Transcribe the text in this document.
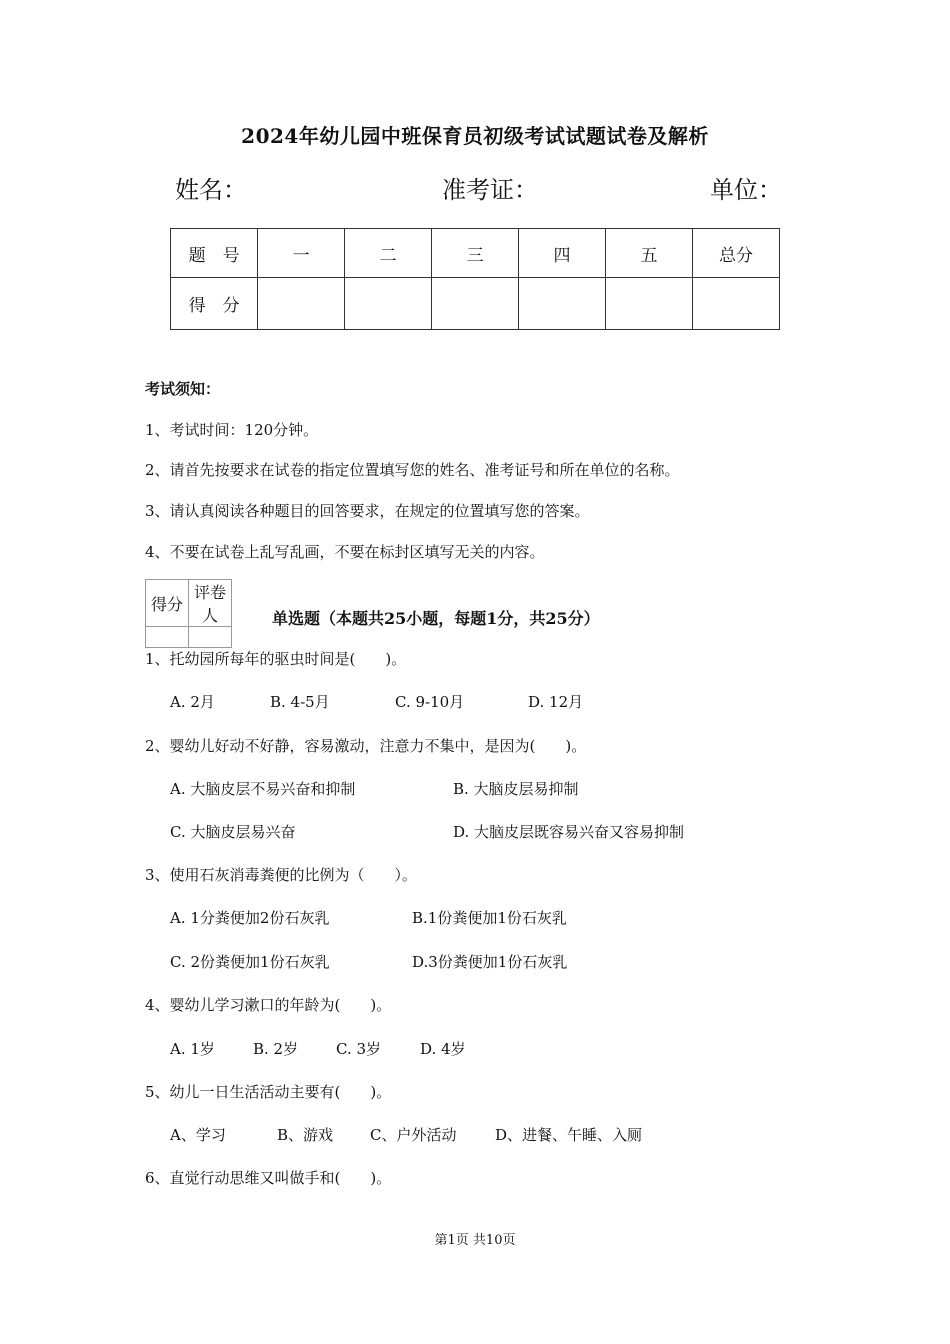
2024年幼儿园中班保育员初级考试试题试卷及解析
姓名：	准考证：	单位：
题　号	一	二	三	四	五	总分
得　分						
考试须知：
1、考试时间：120分钟。
2、请首先按要求在试卷的指定位置填写您的姓名、准考证号和所在单位的名称。
3、请认真阅读各种题目的回答要求，在规定的位置填写您的答案。
4、不要在试卷上乱写乱画，不要在标封区填写无关的内容。
得分	评卷人
		单选题（本题共25小题，每题1分，共25分）
1、托幼园所每年的驱虫时间是(　　)。
A. 2月	B. 4-5月	C. 9-10月	D. 12月
2、婴幼儿好动不好静，容易激动，注意力不集中，是因为(　　)。
A. 大脑皮层不易兴奋和抑制	B. 大脑皮层易抑制
C. 大脑皮层易兴奋	D. 大脑皮层既容易兴奋又容易抑制
3、使用石灰消毒粪便的比例为（　　）。
A. 1分粪便加2份石灰乳	B.1份粪便加1份石灰乳
C. 2份粪便加1份石灰乳	D.3份粪便加1份石灰乳
4、婴幼儿学习漱口的年龄为(　　)。
A. 1岁	B. 2岁	C. 3岁	D. 4岁
5、幼儿一日生活活动主要有(　　)。
A、学习	B、游戏 C、户外活动	D、进餐、午睡、入厕
6、直觉行动思维又叫做手和(　　)。
第1页 共10页
